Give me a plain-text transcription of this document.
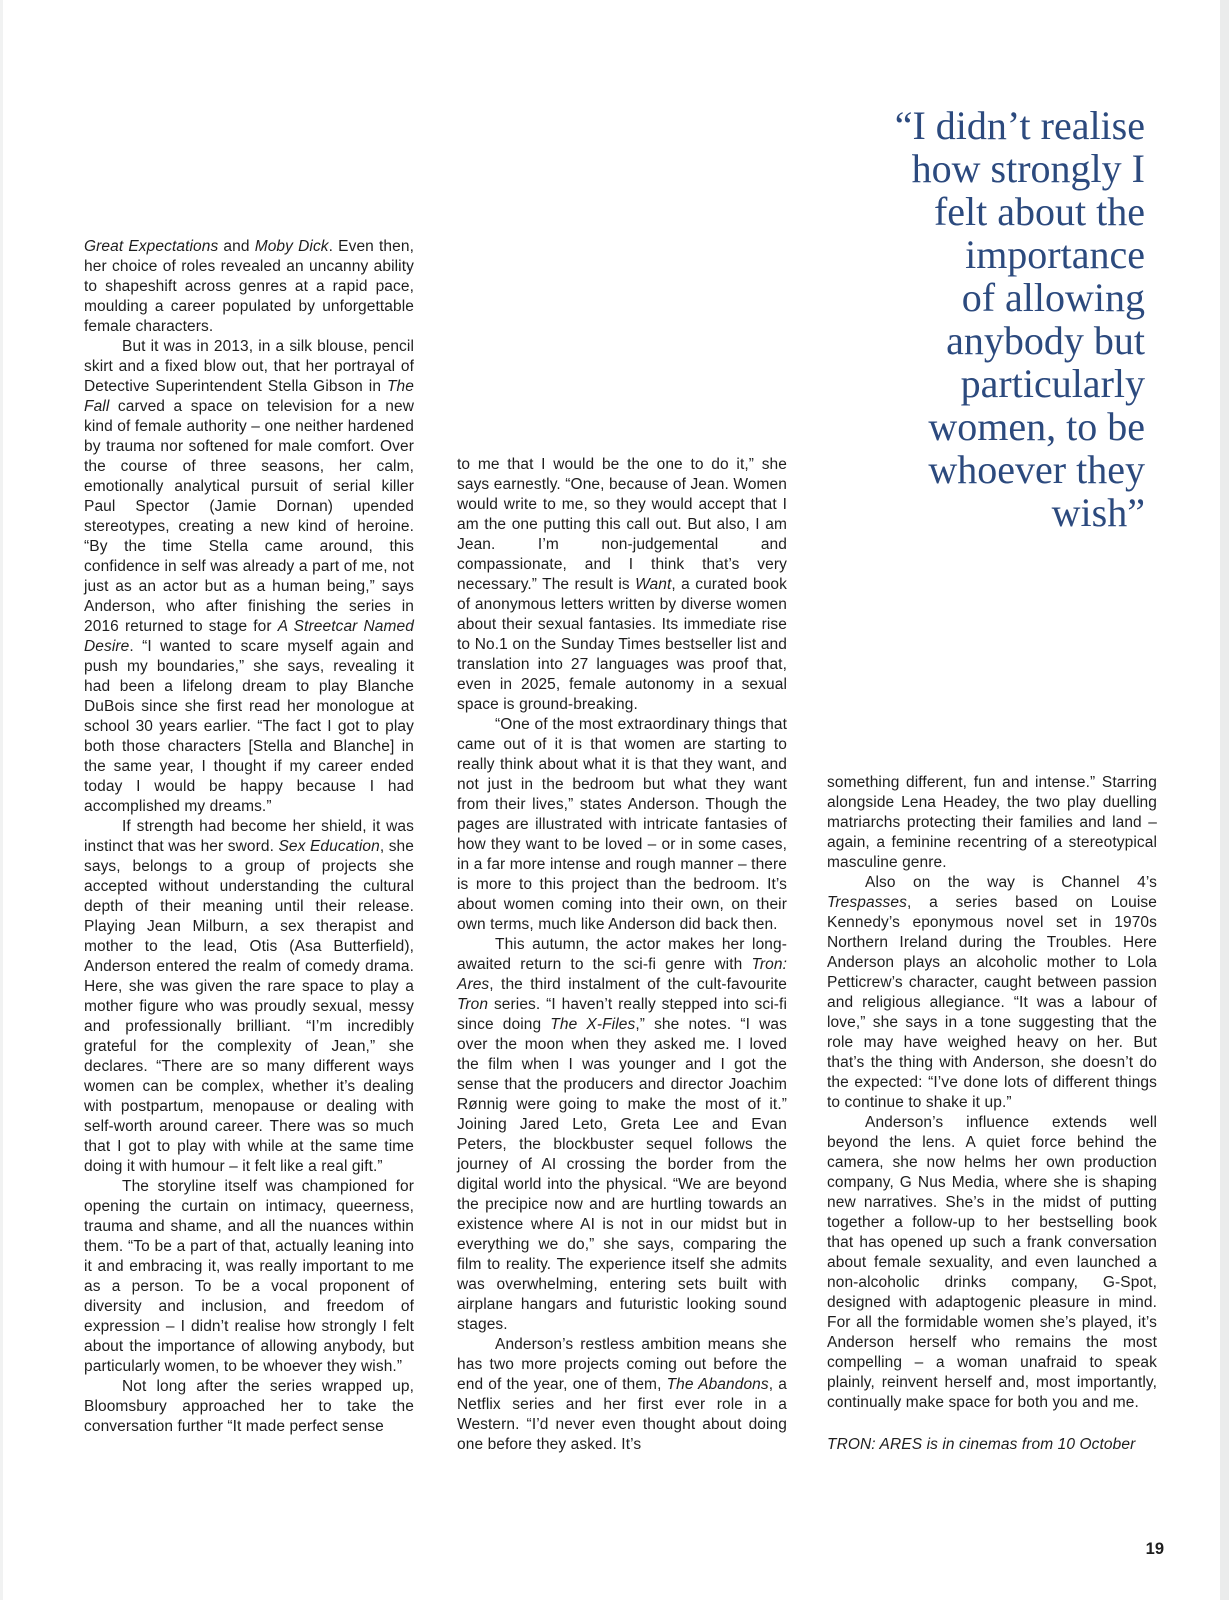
“I didn’t realise
how strongly I
felt about the
importance
of allowing
anybody but
particularly
women, to be
whoever they
wish”

Great Expectations and Moby Dick. Even then, her choice of roles revealed an uncanny ability to shapeshift across genres at a rapid pace, moulding a career populated by unforgettable female characters.

But it was in 2013, in a silk blouse, pencil skirt and a fixed blow out, that her portrayal of Detective Superintendent Stella Gibson in The Fall carved a space on television for a new kind of female authority – one neither hardened by trauma nor softened for male comfort. Over the course of three seasons, her calm, emotionally analytical pursuit of serial killer Paul Spector (Jamie Dornan) upended stereotypes, creating a new kind of heroine. “By the time Stella came around, this confidence in self was already a part of me, not just as an actor but as a human being,” says Anderson, who after finishing the series in 2016 returned to stage for A Streetcar Named Desire. “I wanted to scare myself again and push my boundaries,” she says, revealing it had been a lifelong dream to play Blanche DuBois since she first read her monologue at school 30 years earlier. “The fact I got to play both those characters [Stella and Blanche] in the same year, I thought if my career ended today I would be happy because I had accomplished my dreams.”

If strength had become her shield, it was instinct that was her sword. Sex Education, she says, belongs to a group of projects she accepted without understanding the cultural depth of their meaning until their release. Playing Jean Milburn, a sex therapist and mother to the lead, Otis (Asa Butterfield), Anderson entered the realm of comedy drama. Here, she was given the rare space to play a mother figure who was proudly sexual, messy and professionally brilliant. “I’m incredibly grateful for the complexity of Jean,” she declares. “There are so many different ways women can be complex, whether it’s dealing with postpartum, menopause or dealing with self-worth around career. There was so much that I got to play with while at the same time doing it with humour – it felt like a real gift.”

The storyline itself was championed for opening the curtain on intimacy, queerness, trauma and shame, and all the nuances within them. “To be a part of that, actually leaning into it and embracing it, was really important to me as a person. To be a vocal proponent of diversity and inclusion, and freedom of expression – I didn’t realise how strongly I felt about the importance of allowing anybody, but particularly women, to be whoever they wish.”

Not long after the series wrapped up, Bloomsbury approached her to take the conversation further “It made perfect sense

to me that I would be the one to do it,” she says earnestly. “One, because of Jean. Women would write to me, so they would accept that I am the one putting this call out. But also, I am Jean. I’m non-judgemental and compassionate, and I think that’s very necessary.” The result is Want, a curated book of anonymous letters written by diverse women about their sexual fantasies. Its immediate rise to No.1 on the Sunday Times bestseller list and translation into 27 languages was proof that, even in 2025, female autonomy in a sexual space is ground-breaking.

“One of the most extraordinary things that came out of it is that women are starting to really think about what it is that they want, and not just in the bedroom but what they want from their lives,” states Anderson. Though the pages are illustrated with intricate fantasies of how they want to be loved – or in some cases, in a far more intense and rough manner – there is more to this project than the bedroom. It’s about women coming into their own, on their own terms, much like Anderson did back then.

This autumn, the actor makes her long-awaited return to the sci-fi genre with Tron: Ares, the third instalment of the cult-favourite Tron series. “I haven’t really stepped into sci-fi since doing The X-Files,” she notes. “I was over the moon when they asked me. I loved the film when I was younger and I got the sense that the producers and director Joachim Rønnig were going to make the most of it.” Joining Jared Leto, Greta Lee and Evan Peters, the blockbuster sequel follows the journey of AI crossing the border from the digital world into the physical. “We are beyond the precipice now and are hurtling towards an existence where AI is not in our midst but in everything we do,” she says, comparing the film to reality. The experience itself she admits was overwhelming, entering sets built with airplane hangars and futuristic looking sound stages.

Anderson’s restless ambition means she has two more projects coming out before the end of the year, one of them, The Abandons, a Netflix series and her first ever role in a Western. “I’d never even thought about doing one before they asked. It’s

something different, fun and intense.” Starring alongside Lena Headey, the two play duelling matriarchs protecting their families and land – again, a feminine recentring of a stereotypical masculine genre.

Also on the way is Channel 4’s Trespasses, a series based on Louise Kennedy’s eponymous novel set in 1970s Northern Ireland during the Troubles. Here Anderson plays an alcoholic mother to Lola Petticrew’s character, caught between passion and religious allegiance. “It was a labour of love,” she says in a tone suggesting that the role may have weighed heavy on her. But that’s the thing with Anderson, she doesn’t do the expected: “I’ve done lots of different things to continue to shake it up.”

Anderson’s influence extends well beyond the lens. A quiet force behind the camera, she now helms her own production company, G Nus Media, where she is shaping new narratives. She’s in the midst of putting together a follow-up to her bestselling book that has opened up such a frank conversation about female sexuality, and even launched a non-alcoholic drinks company, G-Spot, designed with adaptogenic pleasure in mind. For all the formidable women she’s played, it’s Anderson herself who remains the most compelling – a woman unafraid to speak plainly, reinvent herself and, most importantly, continually make space for both you and me.

TRON: ARES is in cinemas from 10 October

19
